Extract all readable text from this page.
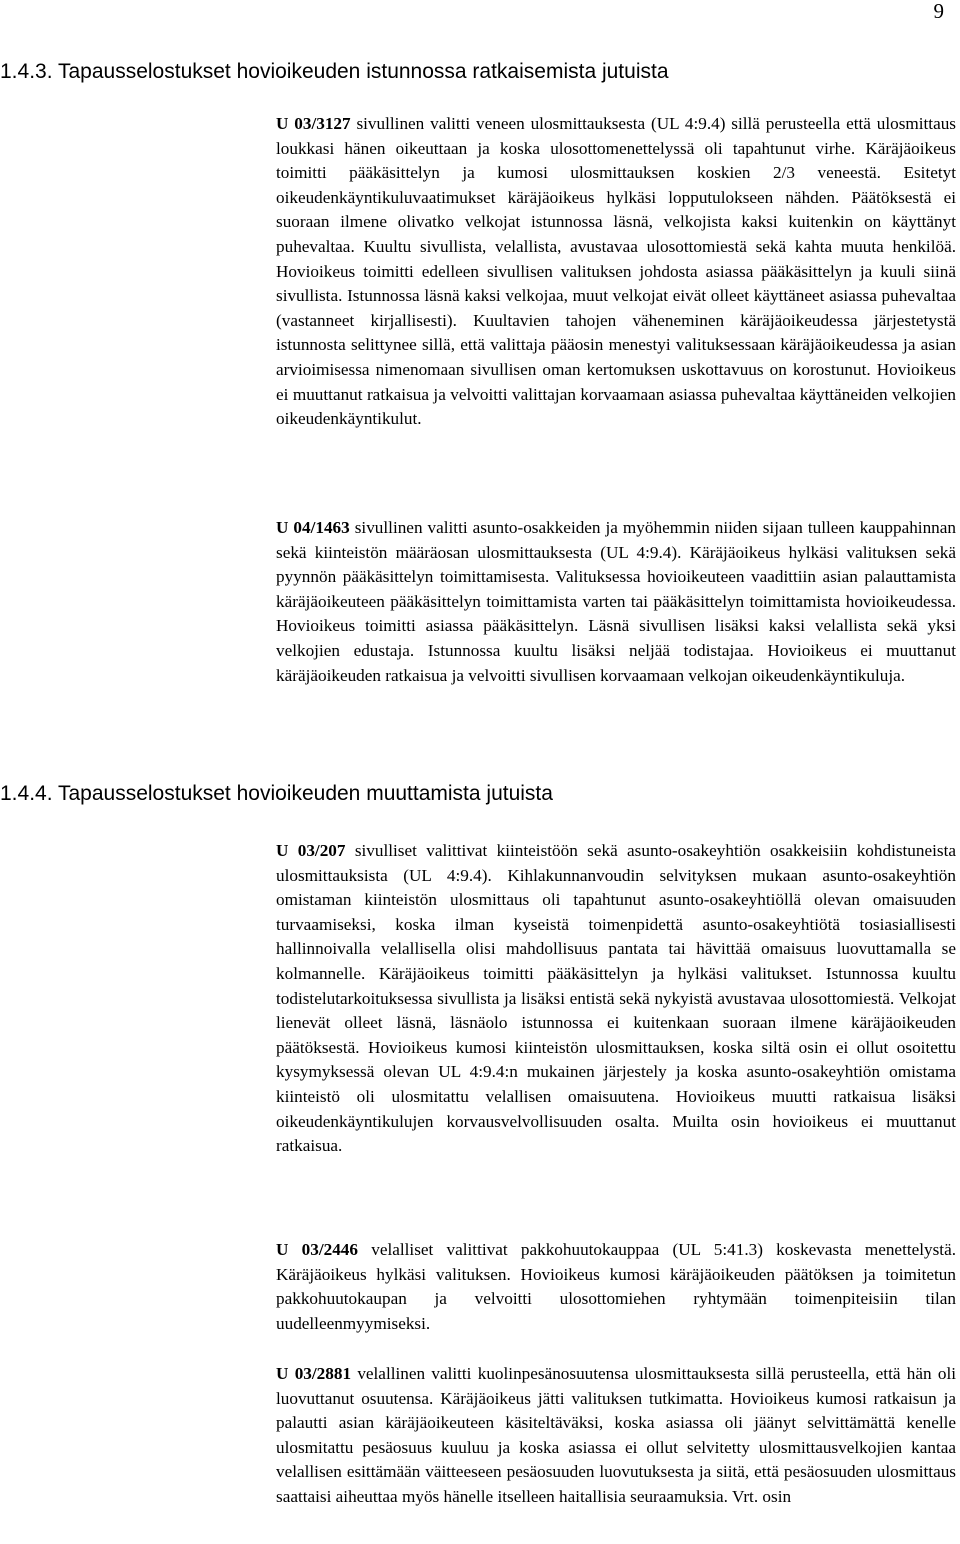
9
1.4.3. Tapausselostukset hovioikeuden istunnossa ratkaisemista jutuista

U 03/3127 sivullinen valitti veneen ulosmittauksesta (UL 4:9.4) sillä perusteella että ulosmittaus loukkasi hänen oikeuttaan ja koska ulosottomenettelyssä oli tapahtunut virhe. Käräjäoikeus toimitti pääkäsittelyn ja kumosi ulosmittauksen koskien 2/3 veneestä. Esitetyt oikeudenkäyntikuluvaatimukset käräjäoikeus hylkäsi lopputulokseen nähden. Päätöksestä ei suoraan ilmene olivatko velkojat istunnossa läsnä, velkojista kaksi kuitenkin on käyttänyt puhevaltaa. Kuultu sivullista, velallista, avustavaa ulosottomiestä sekä kahta muuta henkilöä. Hovioikeus toimitti edelleen sivullisen valituksen johdosta asiassa pääkäsittelyn ja kuuli siinä sivullista. Istunnossa läsnä kaksi velkojaa, muut velkojat eivät olleet käyttäneet asiassa puhevaltaa (vastanneet kirjallisesti). Kuultavien tahojen väheneminen käräjäoikeudessa järjestetystä istunnosta selittynee sillä, että valittaja pääosin menestyi valituksessaan käräjäoikeudessa ja asian arvioimisessa nimenomaan sivullisen oman kertomuksen uskottavuus on korostunut. Hovioikeus ei muuttanut ratkaisua ja velvoitti valittajan korvaamaan asiassa puhevaltaa käyttäneiden velkojien oikeudenkäyntikulut.

U 04/1463 sivullinen valitti asunto-osakkeiden ja myöhemmin niiden sijaan tulleen kauppahinnan sekä kiinteistön määräosan ulosmittauksesta (UL 4:9.4). Käräjäoikeus hylkäsi valituksen sekä pyynnön pääkäsittelyn toimittamisesta. Valituksessa hovioikeuteen vaadittiin asian palauttamista käräjäoikeuteen pääkäsittelyn toimittamista varten tai pääkäsittelyn toimittamista hovioikeudessa. Hovioikeus toimitti asiassa pääkäsittelyn. Läsnä sivullisen lisäksi kaksi velallista sekä yksi velkojien edustaja. Istunnossa kuultu lisäksi neljää todistajaa. Hovioikeus ei muuttanut käräjäoikeuden ratkaisua ja velvoitti sivullisen korvaamaan velkojan oikeudenkäyntikuluja.

1.4.4. Tapausselostukset hovioikeuden muuttamista jutuista

U 03/207 sivulliset valittivat kiinteistöön sekä asunto-osakeyhtiön osakkeisiin kohdistuneista ulosmittauksista (UL 4:9.4). Kihlakunnanvoudin selvityksen mukaan asunto-osakeyhtiön omistaman kiinteistön ulosmittaus oli tapahtunut asunto-osakeyhtiöllä olevan omaisuuden turvaamiseksi, koska ilman kyseistä toimenpidettä asunto-osakeyhtiötä tosiasiallisesti hallinnoivalla velallisella olisi mahdollisuus pantata tai hävittää omaisuus luovuttamalla se kolmannelle. Käräjäoikeus toimitti pääkäsittelyn ja hylkäsi valitukset. Istunnossa kuultu todistelutarkoituksessa sivullista ja lisäksi entistä sekä nykyistä avustavaa ulosottomiestä. Velkojat lienevät olleet läsnä, läsnäolo istunnossa ei kuitenkaan suoraan ilmene käräjäoikeuden päätöksestä. Hovioikeus kumosi kiinteistön ulosmittauksen, koska siltä osin ei ollut osoitettu kysymyksessä olevan UL 4:9.4:n mukainen järjestely ja koska asunto-osakeyhtiön omistama kiinteistö oli ulosmitattu velallisen omaisuutena. Hovioikeus muutti ratkaisua lisäksi oikeudenkäyntikulujen korvausvelvollisuuden osalta. Muilta osin hovioikeus ei muuttanut ratkaisua.

U 03/2446 velalliset valittivat pakkohuutokauppaa (UL 5:41.3) koskevasta menettelystä. Käräjäoikeus hylkäsi valituksen. Hovioikeus kumosi käräjäoikeuden päätöksen ja toimitetun pakkohuutokaupan ja velvoitti ulosottomiehen ryhtymään toimenpiteisiin tilan uudelleenmyymiseksi.

U 03/2881 velallinen valitti kuolinpesänosuutensa ulosmittauksesta sillä perusteella, että hän oli luovuttanut osuutensa. Käräjäoikeus jätti valituksen tutkimatta. Hovioikeus kumosi ratkaisun ja palautti asian käräjäoikeuteen käsiteltäväksi, koska asiassa oli jäänyt selvittämättä kenelle ulosmitattu pesäosuus kuuluu ja koska asiassa ei ollut selvitetty ulosmittausvelkojien kantaa velallisen esittämään väitteeseen pesäosuuden luovutuksesta ja siitä, että pesäosuuden ulosmittaus saattaisi aiheuttaa myös hänelle itselleen haitallisia seuraamuksia. Vrt. osin
